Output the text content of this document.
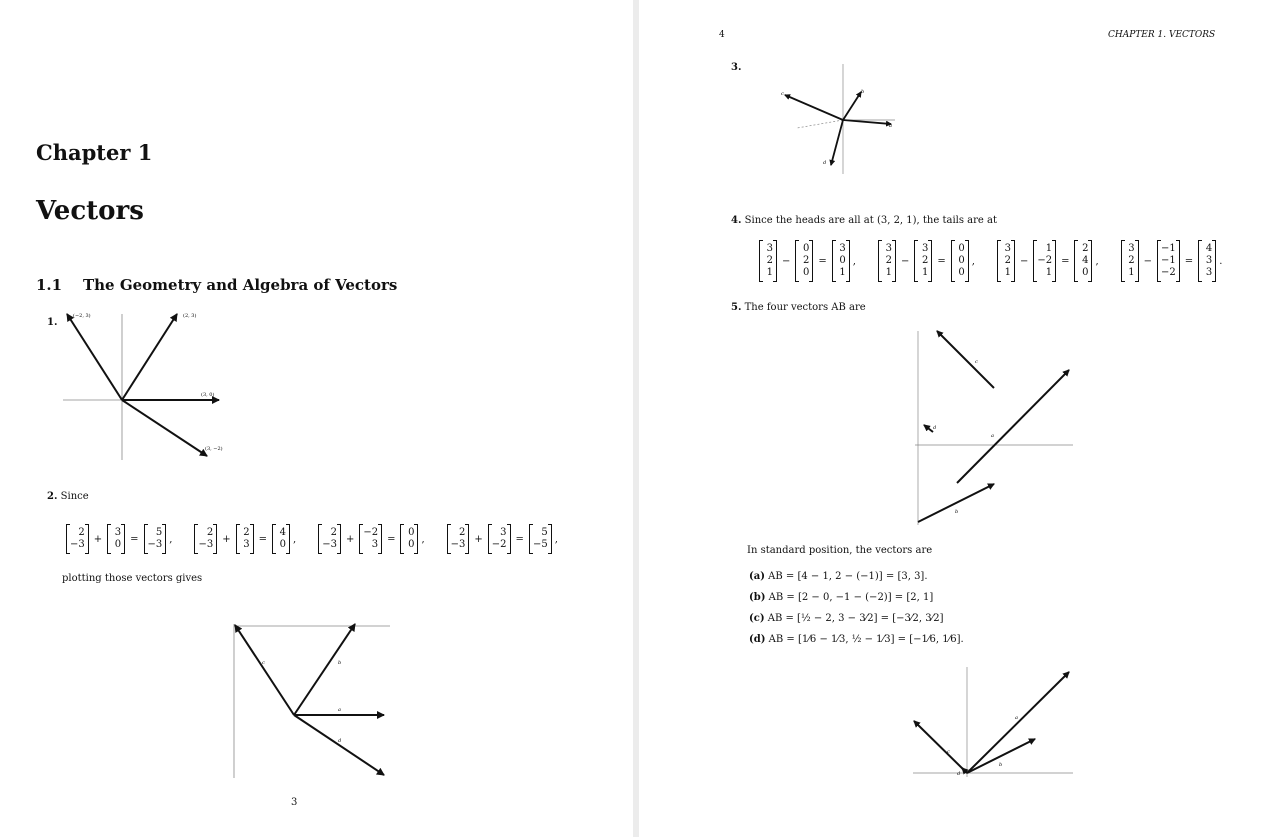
Chapter 1
Vectors
1.1    The Geometry and Algebra of Vectors
1.
(−2, 3)	(2, 3)
(3, 0)
(3, −2)
2. Since
2
−3 +
3
0 =
5
−3 ,
2
−3 +
2
3 =
4
0 ,
2
−3 +
−2
3 =
0
0 ,
2
−3 +
3
−2 =
5
−5 ,
plotting those vectors gives
a
b
c
d
3
4	CHAPTER 1. VECTORS
3.
a
b
c
d
4. Since the heads are all at (3, 2, 1), the tails are at
3
2
1
−
0
2
0
=
3
0
1
,
3
2
1
−
3
2
1
=
0
0
0
,
3
2
1
−
1
−2
1
=
2
4
0
,
3
2
1
−
−1
−1
−2
=
4
3
3
.
5. The four vectors AB are
a
b
c
d
In standard position, the vectors are
(a) AB = [4 − 1, 2 − (−1)] = [3, 3].
(b) AB = [2 − 0, −1 − (−2)] = [2, 1]
(c) AB = [½ − 2, 3 − 3⁄2] = [−3⁄2, 3⁄2]
(d) AB = [1⁄6 − 1⁄3, ½ − 1⁄3] = [−1⁄6, 1⁄6].
a
b
c
d
